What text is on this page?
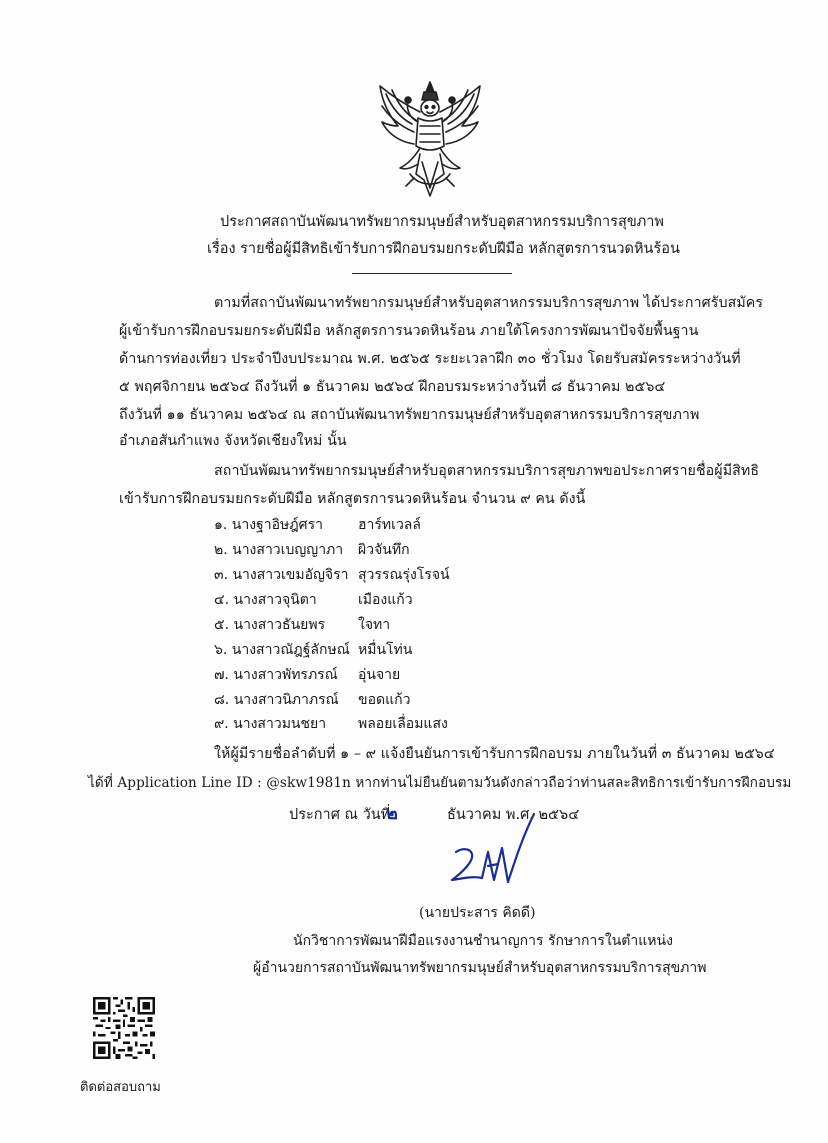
ประกาศสถาบันพัฒนาทรัพยากรมนุษย์สำหรับอุตสาหกรรมบริการสุขภาพ
เรื่อง รายชื่อผู้มีสิทธิเข้ารับการฝึกอบรมยกระดับฝีมือ หลักสูตรการนวดหินร้อน
ตามที่สถาบันพัฒนาทรัพยากรมนุษย์สำหรับอุตสาหกรรมบริการสุขภาพ ได้ประกาศรับสมัคร
ผู้เข้ารับการฝึกอบรมยกระดับฝีมือ หลักสูตรการนวดหินร้อน ภายใต้โครงการพัฒนาปัจจัยพื้นฐาน
ด้านการท่องเที่ยว ประจำปีงบประมาณ พ.ศ. ๒๕๖๕ ระยะเวลาฝึก ๓๐ ชั่วโมง โดยรับสมัครระหว่างวันที่
๕ พฤศจิกายน ๒๕๖๔ ถึงวันที่ ๑ ธันวาคม ๒๕๖๔ ฝึกอบรมระหว่างวันที่ ๘ ธันวาคม ๒๕๖๔
ถึงวันที่ ๑๑ ธันวาคม ๒๕๖๔ ณ สถาบันพัฒนาทรัพยากรมนุษย์สำหรับอุตสาหกรรมบริการสุขภาพ
อำเภอสันกำแพง จังหวัดเชียงใหม่ นั้น
สถาบันพัฒนาทรัพยากรมนุษย์สำหรับอุตสาหกรรมบริการสุขภาพขอประกาศรายชื่อผู้มีสิทธิ
เข้ารับการฝึกอบรมยกระดับฝีมือ หลักสูตรการนวดหินร้อน จำนวน ๙ คน ดังนี้
๑. นางฐาอิษฎ์ศรา	ฮาร์ทเวลล์
๒. นางสาวเบญญาภา ผิวจันทึก
๓. นางสาวเขมอัญจิรา สุวรรณรุ่งโรจน์
๔. นางสาวจุนิตา	เมืองแก้ว
๕. นางสาวธันยพร ใจทา
๖. นางสาวณัฎฐ์ลักษณ์ หมื่นโท่น
๗. นางสาวพัทรภรณ์ อุ่นจาย
๘. นางสาวนิภาภรณ์ ขอดแก้ว
๙. นางสาวมนชยา พลอยเลื่อมแสง
ให้ผู้มีรายชื่อลำดับที่ ๑ – ๙ แจ้งยืนยันการเข้ารับการฝึกอบรม ภายในวันที่ ๓ ธันวาคม ๒๕๖๔
ได้ที่ Application Line ID : @skw1981n หากท่านไม่ยืนยันตามวันดังกล่าวถือว่าท่านสละสิทธิการเข้ารับการฝึกอบรม
ประกาศ ณ วันที่
๒	ธันวาคม พ.ศ. ๒๕๖๔
(นายประสาร คิดดี)
นักวิชาการพัฒนาฝีมือแรงงานชำนาญการ รักษาการในตำแหน่ง
ผู้อำนวยการสถาบันพัฒนาทรัพยากรมนุษย์สำหรับอุตสาหกรรมบริการสุขภาพ
ติดต่อสอบถาม
